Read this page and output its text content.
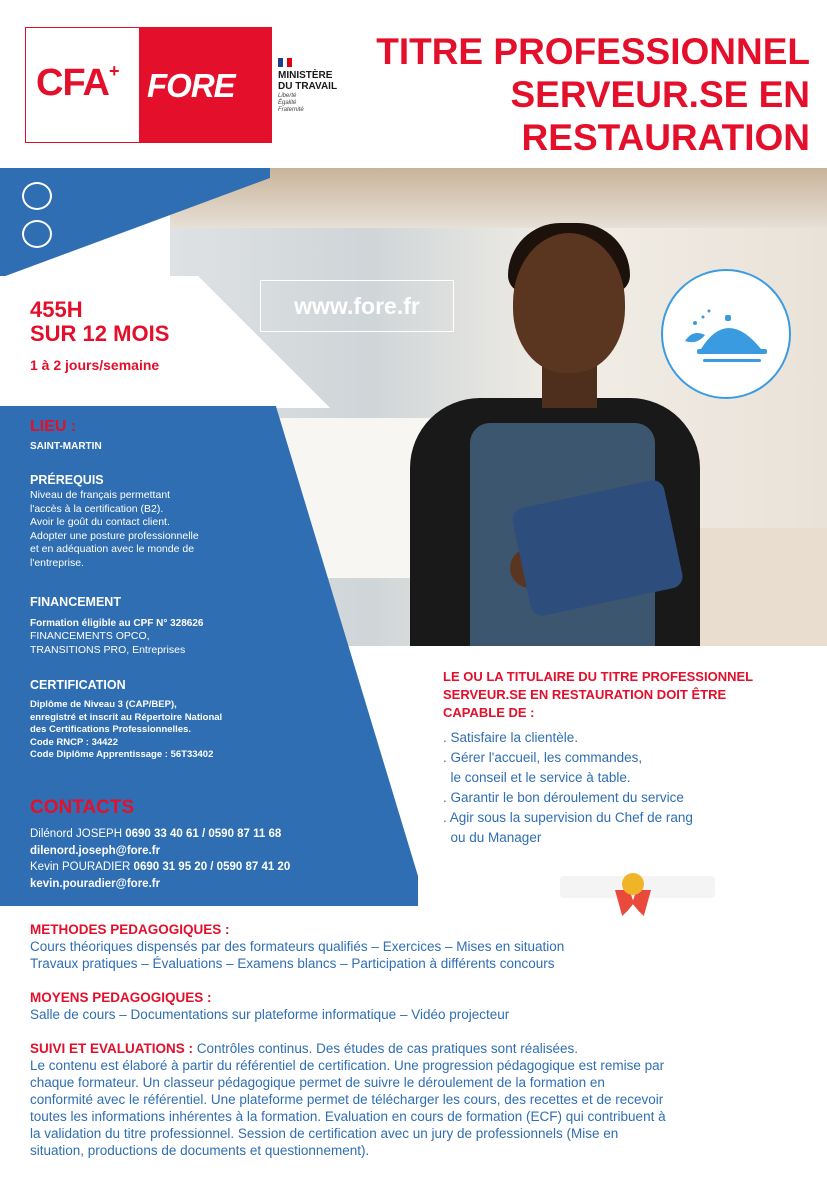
CFA+ FORE	MINISTÈRE
DU TRAVAIL
Liberté
Égalité
Fraternité
TITRE PROFESSIONNEL
SERVEUR.SE EN
RESTAURATION
455H
SUR 12 MOIS
1 à 2 jours/semaine
www.fore.fr
LIEU :
SAINT-MARTIN
PRÉREQUIS
Niveau de français permettant
l'accès à la certification (B2).
Avoir le goût du contact client.
Adopter une posture professionnelle
et en adéquation avec le monde de
l'entreprise.
FINANCEMENT
Formation éligible au CPF N° 328626
FINANCEMENTS OPCO,
TRANSITIONS PRO, Entreprises
CERTIFICATION
Diplôme de Niveau 3 (CAP/BEP),
enregistré et inscrit au Répertoire National
des Certifications Professionnelles.
Code RNCP : 34422
Code Diplôme Apprentissage : 56T33402
CONTACTS
Dilénord JOSEPH 0690 33 40 61 / 0590 87 11 68
dilenord.joseph@fore.fr
Kevin POURADIER 0690 31 95 20 / 0590 87 41 20
kevin.pouradier@fore.fr
LE OU LA TITULAIRE DU TITRE PROFESSIONNEL
SERVEUR.SE EN RESTAURATION DOIT ÊTRE
CAPABLE DE :
. Satisfaire la clientèle.
. Gérer l'accueil, les commandes,
le conseil et le service à table.
. Garantir le bon déroulement du service
. Agir sous la supervision du Chef de rang
ou du Manager

METHODES PEDAGOGIQUES :
Cours théoriques dispensés par des formateurs qualifiés – Exercices – Mises en situation
Travaux pratiques – Évaluations – Examens blancs – Participation à différents concours

MOYENS PEDAGOGIQUES :
Salle de cours – Documentations sur plateforme informatique – Vidéo projecteur

SUIVI ET EVALUATIONS : Contrôles continus. Des études de cas pratiques sont réalisées.
Le contenu est élaboré à partir du référentiel de certification. Une progression pédagogique est remise par
chaque formateur. Un classeur pédagogique permet de suivre le déroulement de la formation en
conformité avec le référentiel. Une plateforme permet de télécharger les cours, des recettes et de recevoir
toutes les informations inhérentes à la formation. Evaluation en cours de formation (ECF) qui contribuent à
la validation du titre professionnel. Session de certification avec un jury de professionnels (Mise en
situation, productions de documents et questionnement).
